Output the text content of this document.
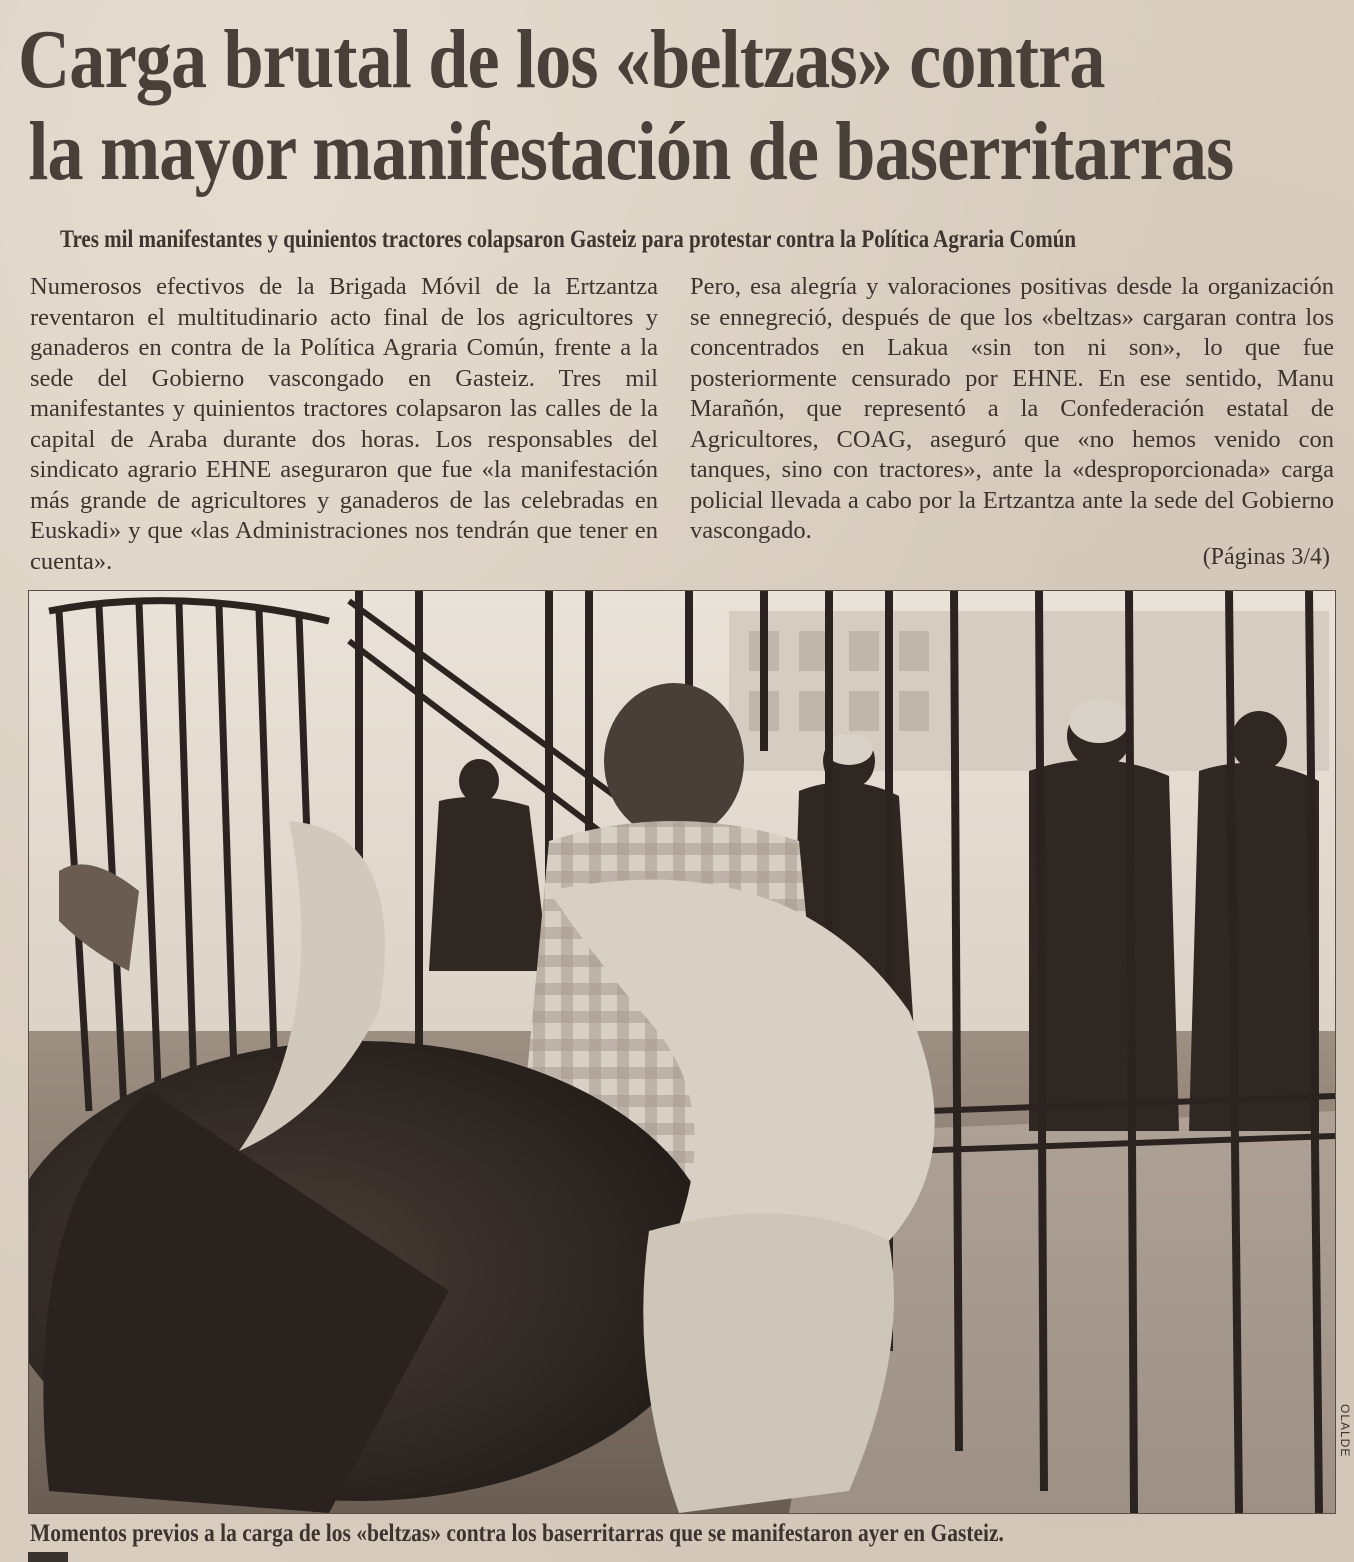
Carga brutal de los «beltzas» contra
la mayor manifestación de baserritarras

Tres mil manifestantes y quinientos tractores colapsaron Gasteiz para protestar contra la Política Agraria Común

Numerosos efectivos de la Brigada Móvil de la Ertzantza reventaron el multitudinario acto final de los agricultores y ganaderos en contra de la Política Agraria Común, frente a la sede del Gobierno vascongado en Gasteiz. Tres mil manifestantes y quinientos tractores colapsaron las calles de la capital de Araba durante dos horas. Los responsables del sindicato agrario EHNE aseguraron que fue «la manifestación más grande de agricultores y ganaderos de las celebradas en Euskadi» y que «las Administraciones nos tendrán que tener en cuenta».

Pero, esa alegría y valoraciones positivas desde la organización se ennegreció, después de que los «beltzas» cargaran contra los concentrados en Lakua «sin ton ni son», lo que fue posteriormente censurado por EHNE. En ese sentido, Manu Marañón, que representó a la Confederación estatal de Agricultores, COAG, aseguró que «no hemos venido con tanques, sino con tractores», ante la «desproporcionada» carga policial llevada a cabo por la Ertzantza ante la sede del Gobierno vascongado.

(Páginas 3/4)
OLALDE

Momentos previos a la carga de los «beltzas» contra los baserritarras que se manifestaron ayer en Gasteiz.
